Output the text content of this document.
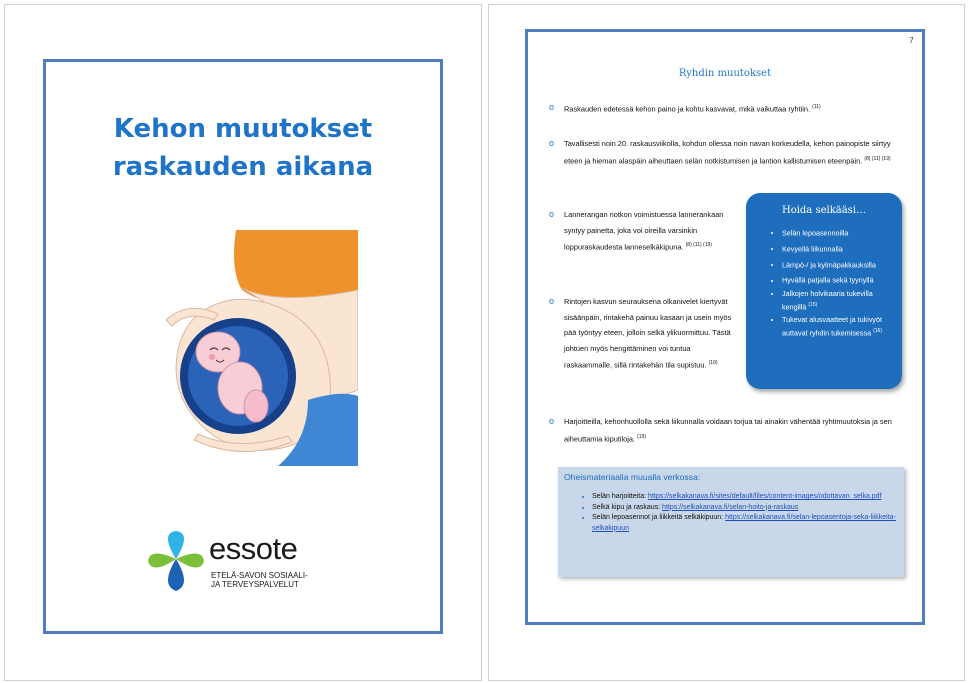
Kehon muutokset
raskauden aikana
essote
ETELÄ-SAVON SOSIAALI-
JA TERVEYSPALVELUT
7
Ryhdin muutokset
o Raskauden edetessä kehon paino ja kohtu kasvavat, mikä vaikuttaa ryhtiin. $^{(11)}$
o Tavallisesti noin 20. raskausviikolla, kohdun ollessa noin navan korkeudella, kehon painopiste siirtyy eteen ja hieman alaspäin aiheuttaen selän notkistumisen ja lantion kallistumisen eteenpäin. $^{(8) (11) (19)}$
o Lannerangan notkon voimistuessa lannerankaan syntyy painetta, joka voi oireilla varsinkin loppuraskaudesta lanneselkäkipuna. $^{(8) (11) (19)}$
o Rintojen kasvun seurauksena olkanivelet kiertyvät sisäänpäin, rintakehä painuu kasaan ja usein myös pää työntyy eteen, jolloin selkä ylikuormittuu. Tästä johtuen myös hengittäminen voi tuntua raskaammalle, sillä rintakehän tila supistuu. $^{(19)}$
o Harjoitteilla, kehonhuollolla sekä liikunnalla voidaan torjua tai ainakin vähentää ryhtimuutoksia ja sen aiheuttamia kiputiloja. $^{(19)}$
Hoida selkääsi…
• Selän lepoasennoilla
• Kevyellä liikunnalla
• Lämpö-/ ja kylmäpakkauksilla
• Hyvällä patjalla sekä tyynyllä
• Jalkojen holvikaaria tukevilla kengillä $^{(15)}$
• Tukevat alusvaatteet ja tukivyöt auttavat ryhdin tukemisessa $^{(16)}$
Oheismateriaalia muualla verkossa:
• Selän harjoitteita: https://selkakanava.fi/sites/default/files/content-images/odottavan_selka.pdf
• Selkä kipu ja raskaus: https://selkakanava.fi/selan-hoito-ja-raskaus
• Selän lepoasennot ja liikkeitä selkäkipuun: https://selkakanava.fi/selan-lepoasentoja-seka-liikkeita-selkakipuun
